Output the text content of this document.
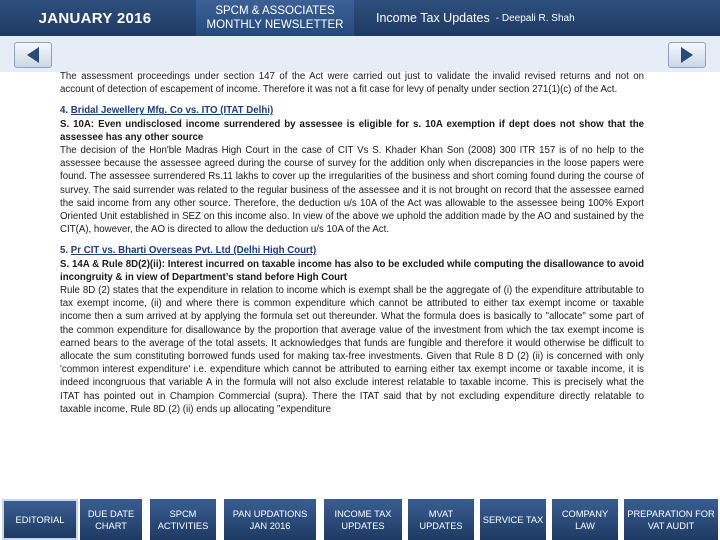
JANUARY 2016	SPCM & ASSOCIATES
MONTHLY NEWSLETTER	Income Tax Updates - Deepali R. Shah

The assessment proceedings under section 147 of the Act were carried out just to validate the invalid revised returns and not on account of detection of escapement of income. Therefore it was not a fit case for levy of penalty under section 271(1)(c) of the Act.

4. Bridal Jewellery Mfg. Co vs. ITO (ITAT Delhi)
S. 10A: Even undisclosed income surrendered by assessee is eligible for s. 10A exemption if dept does not show that the assessee has any other source

The decision of the Hon'ble Madras High Court in the case of CIT Vs S. Khader Khan Son (2008) 300 ITR 157 is of no help to the assessee because the assessee agreed during the course of survey for the addition only when discrepancies in the loose papers were found. The assessee surrendered Rs.11 lakhs to cover up the irregularities of the business and short coming found during the course of survey. The said surrender was related to the regular business of the assessee and it is not brought on record that the assessee earned the said income from any other source. Therefore, the deduction u/s 10A of the Act was allowable to the assessee being 100% Export Oriented Unit established in SEZ on this income also. In view of the above we uphold the addition made by the AO and sustained by the CIT(A), however, the AO is directed to allow the deduction u/s 10A of the Act.

5. Pr CIT vs. Bharti Overseas Pvt. Ltd (Delhi High Court)
S. 14A & Rule 8D(2)(ii): Interest incurred on taxable income has also to be excluded while computing the disallowance to avoid incongruity & in view of Department’s stand before High Court

Rule 8D (2) states that the expenditure in relation to income which is exempt shall be the aggregate of (i) the expenditure attributable to tax exempt income, (ii) and where there is common expenditure which cannot be attributed to either tax exempt income or taxable income then a sum arrived at by applying the formula set out thereunder. What the formula does is basically to "allocate" some part of the common expenditure for disallowance by the proportion that average value of the investment from which the tax exempt income is earned bears to the average of the total assets. It acknowledges that funds are fungible and therefore it would otherwise be difficult to allocate the sum constituting borrowed funds used for making tax-free investments. Given that Rule 8 D (2) (ii) is concerned with only 'common interest expenditure' i.e. expenditure which cannot be attributed to earning either tax exempt income or taxable income, it is indeed incongruous that variable A in the formula will not also exclude interest relatable to taxable income. This is precisely what the ITAT has pointed out in Champion Commercial (supra). There the ITAT said that by not excluding expenditure directly relatable to taxable income, Rule 8D (2) (ii) ends up allocating "expenditure

EDITORIAL
DUE DATE CHART
SPCM ACTIVITIES
PAN UPDATIONS JAN 2016
INCOME TAX UPDATES
MVAT UPDATES
SERVICE TAX
COMPANY LAW
PREPARATION FOR VAT AUDIT
